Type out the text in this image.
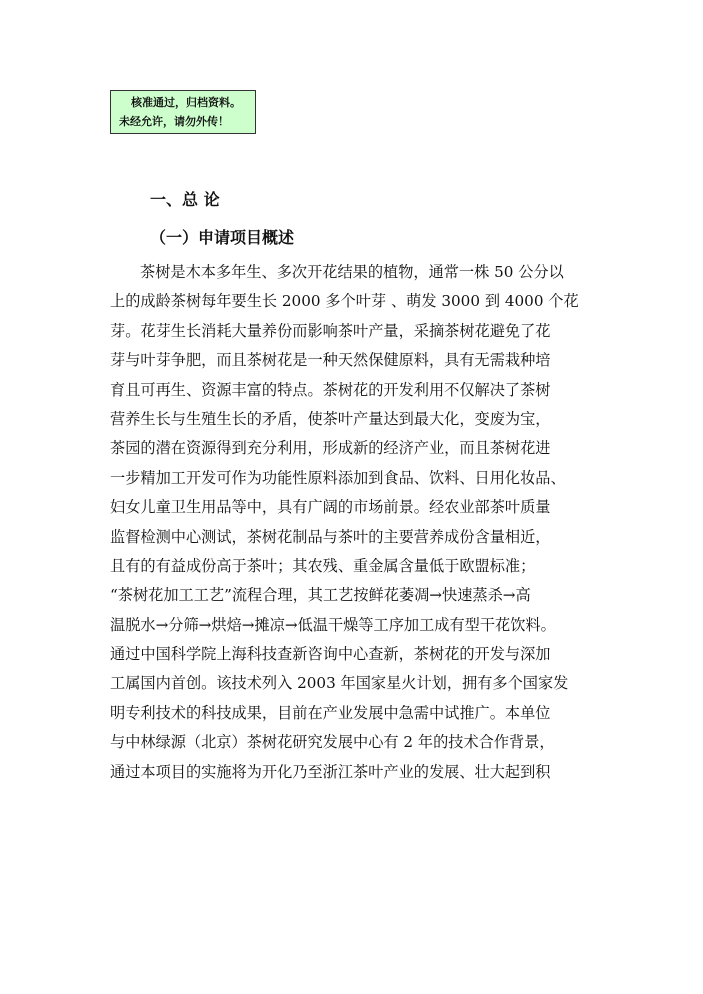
核准通过，归档资料。
未经允许，请勿外传！
一、总 论
（一）申请项目概述
茶树是木本多年生、多次开花结果的植物，通常一株 50 公分以
上的成龄茶树每年要生长 2000 多个叶芽 、萌发 3000 到 4000 个花
芽。花芽生长消耗大量养份而影响茶叶产量，采摘茶树花避免了花
芽与叶芽争肥，而且茶树花是一种天然保健原料，具有无需栽种培
育且可再生、资源丰富的特点。茶树花的开发利用不仅解决了茶树
营养生长与生殖生长的矛盾，使茶叶产量达到最大化，变废为宝，
茶园的潜在资源得到充分利用，形成新的经济产业，而且茶树花进
一步精加工开发可作为功能性原料添加到食品、饮料、日用化妆品、
妇女儿童卫生用品等中，具有广阔的市场前景。经农业部茶叶质量
监督检测中心测试，茶树花制品与茶叶的主要营养成份含量相近，
且有的有益成份高于茶叶；其农残、重金属含量低于欧盟标准；
“茶树花加工工艺”流程合理，其工艺按鲜花萎凋→快速蒸杀→高
温脱水→分筛→烘焙→摊凉→低温干燥等工序加工成有型干花饮料。
通过中国科学院上海科技查新咨询中心查新，茶树花的开发与深加
工属国内首创。该技术列入 2003 年国家星火计划，拥有多个国家发
明专利技术的科技成果，目前在产业发展中急需中试推广。本单位
与中林绿源（北京）茶树花研究发展中心有 2 年的技术合作背景，
通过本项目的实施将为开化乃至浙江茶叶产业的发展、壮大起到积
